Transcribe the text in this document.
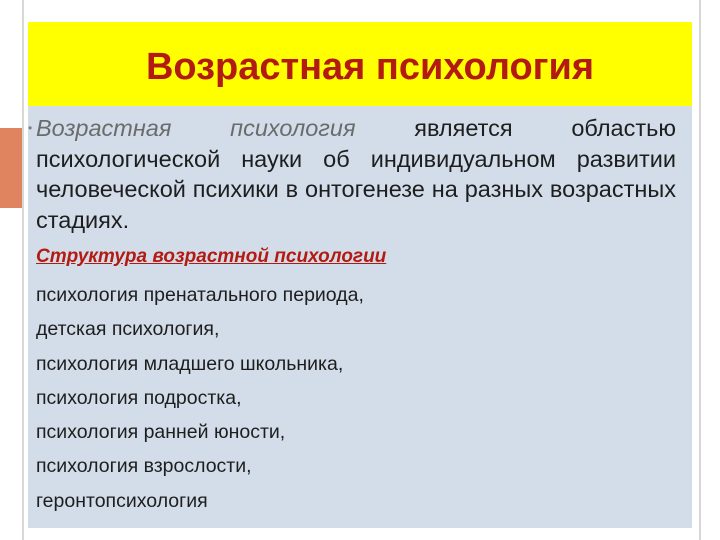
Возрастная психология

• Возрастная психология является областью психологической науки об индивидуальном развитии человеческой психики в онтогенезе на разных возрастных стадиях.

Структура возрастной психологии
психология пренатального периода,
детская психология,
психология младшего школьника,
психология подростка,
психология ранней юности,
психология взрослости,
геронтопсихология
